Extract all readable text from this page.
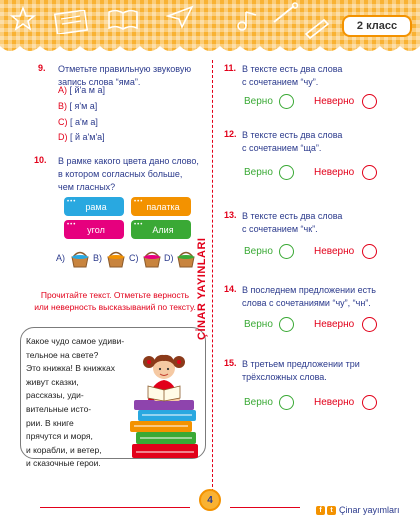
2 класс
9. Отметьте правильную звуковую
запись слова “яма”.
A) [ й'а м а]
B) [ я'м а]
C) [ а'м а]
D) [ й а'м'а]
10. В рамке какого цвета дано слово,
в котором согласных больше,
чем гласных?
••• рама	••• палатка
••• угол	••• Алия
A)	B)	C)	D)
Прочитайте текст. Отметьте верность
или неверность высказываний по тексту.
Какое чудо самое удиви-
тельное на свете?
Это книжка! В книжках
живут сказки,
рассказы, уди-
вительные исто-
рии. В книге
прячутся и моря,
и корабли, и ветер,
и сказочные герои.
ÇİNAR YAYINLARI
11. В тексте есть два слова
с сочетанием “чу”.
Верно	Неверно
12. В тексте есть два слова
с сочетанием “ща”.
Верно	Неверно
13. В тексте есть два слова
с сочетанием “чк”.
Верно	Неверно
14. В последнем предложении есть
слова с сочетаниями “чу”, “чн”.
Верно	Неверно
15. В третьем предложении три
трёхсложных слова.
Верно	Неверно
4
f	t Çinar yayımları
